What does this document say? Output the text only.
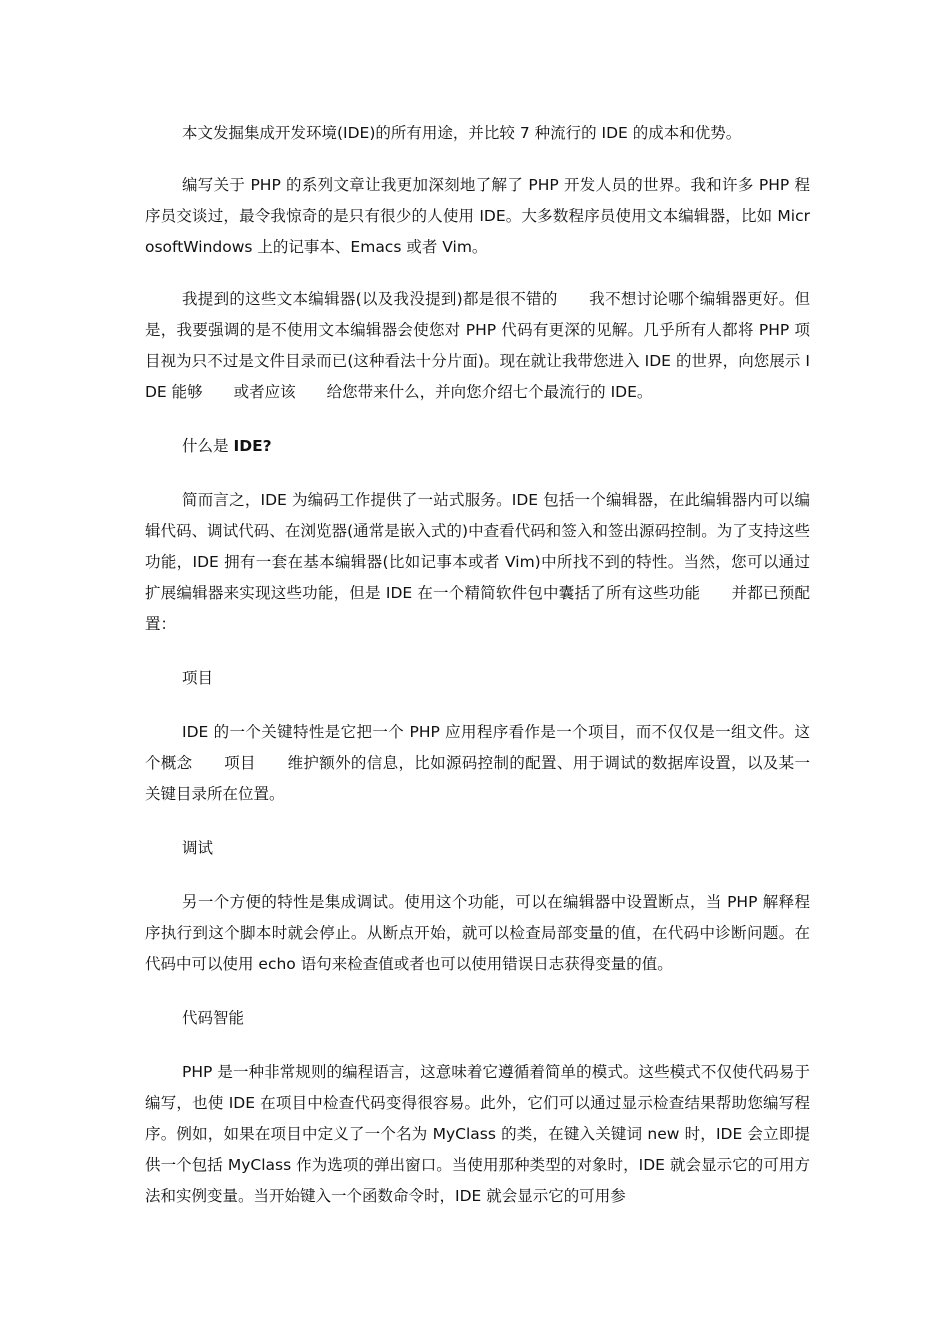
本文发掘集成开发环境(IDE)的所有用途，并比较 7 种流行的 IDE 的成本和优势。

编写关于 PHP 的系列文章让我更加深刻地了解了 PHP 开发人员的世界。我和许多 PHP 程序员交谈过，最令我惊奇的是只有很少的人使用 IDE。大多数程序员使用文本编辑器，比如 MicrosoftWindows 上的记事本、Emacs 或者 Vim。

我提到的这些文本编辑器(以及我没提到)都是很不错的　　我不想讨论哪个编辑器更好。但是，我要强调的是不使用文本编辑器会使您对 PHP 代码有更深的见解。几乎所有人都将 PHP 项目视为只不过是文件目录而已(这种看法十分片面)。现在就让我带您进入 IDE 的世界，向您展示 IDE 能够　　或者应该　　给您带来什么，并向您介绍七个最流行的 IDE。

什么是 IDE?

简而言之，IDE 为编码工作提供了一站式服务。IDE 包括一个编辑器，在此编辑器内可以编辑代码、调试代码、在浏览器(通常是嵌入式的)中查看代码和签入和签出源码控制。为了支持这些功能，IDE 拥有一套在基本编辑器(比如记事本或者 Vim)中所找不到的特性。当然，您可以通过扩展编辑器来实现这些功能，但是 IDE 在一个精简软件包中囊括了所有这些功能　　并都已预配置：

项目

IDE 的一个关键特性是它把一个 PHP 应用程序看作是一个项目，而不仅仅是一组文件。这个概念　　项目　　维护额外的信息，比如源码控制的配置、用于调试的数据库设置，以及某一关键目录所在位置。

调试

另一个方便的特性是集成调试。使用这个功能，可以在编辑器中设置断点，当 PHP 解释程序执行到这个脚本时就会停止。从断点开始，就可以检查局部变量的值，在代码中诊断问题。在代码中可以使用 echo 语句来检查值或者也可以使用错误日志获得变量的值。

代码智能

PHP 是一种非常规则的编程语言，这意味着它遵循着简单的模式。这些模式不仅使代码易于编写，也使 IDE 在项目中检查代码变得很容易。此外，它们可以通过显示检查结果帮助您编写程序。例如，如果在项目中定义了一个名为 MyClass 的类，在键入关键词 new 时，IDE 会立即提供一个包括 MyClass 作为选项的弹出窗口。当使用那种类型的对象时，IDE 就会显示它的可用方法和实例变量。当开始键入一个函数命令时，IDE 就会显示它的可用参
